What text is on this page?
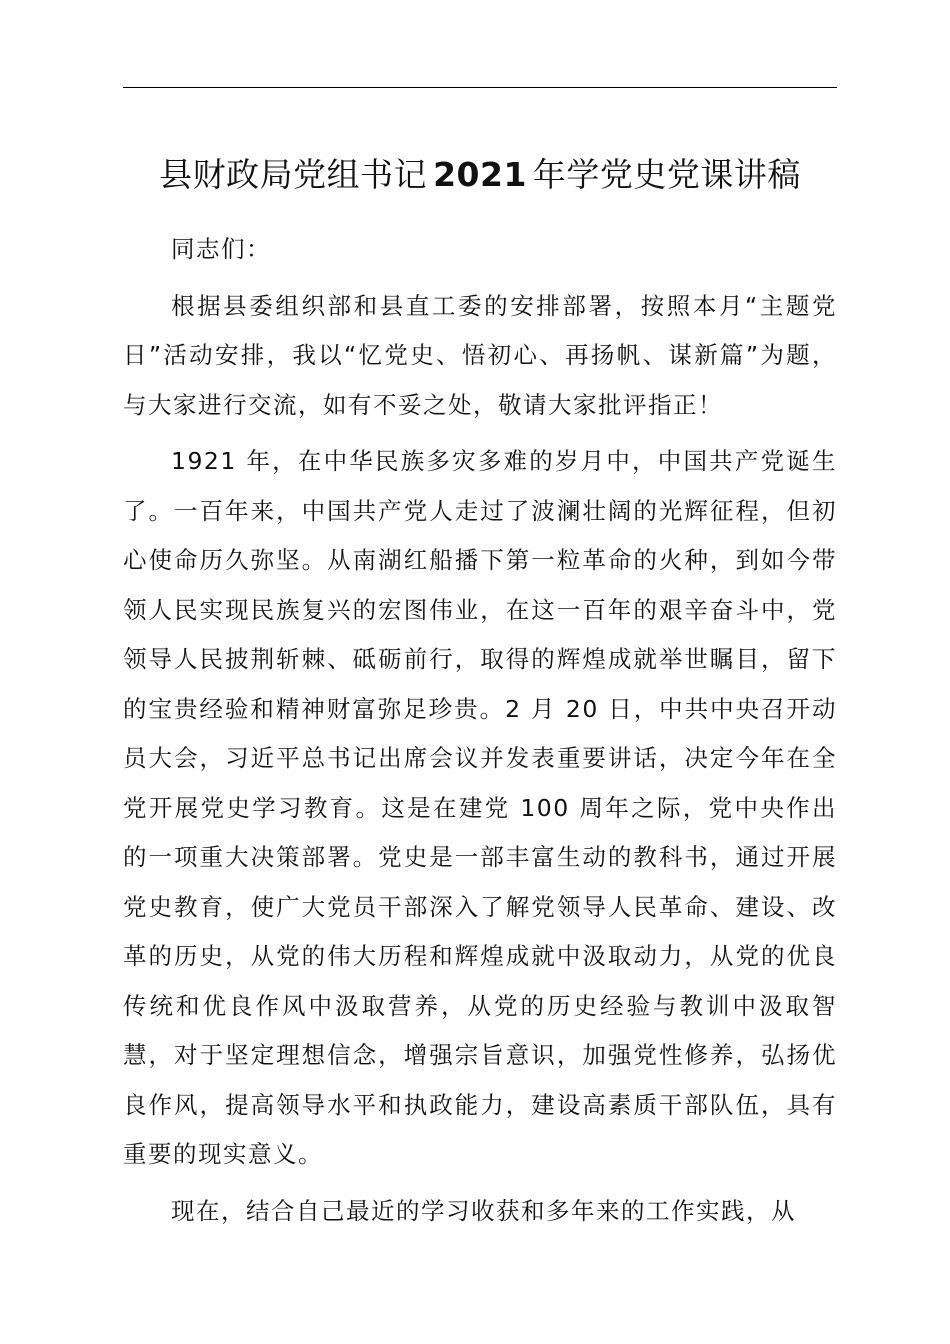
县财政局党组书记 2021 年学党史党课讲稿

同志们：

根据县委组织部和县直工委的安排部署，按照本月“主题党日”活动安排，我以“忆党史、悟初心、再扬帆、谋新篇”为题，与大家进行交流，如有不妥之处，敬请大家批评指正！

1921 年，在中华民族多灾多难的岁月中，中国共产党诞生了。一百年来，中国共产党人走过了波澜壮阔的光辉征程，但初心使命历久弥坚。从南湖红船播下第一粒革命的火种，到如今带领人民实现民族复兴的宏图伟业，在这一百年的艰辛奋斗中，党领导人民披荆斩棘、砥砺前行，取得的辉煌成就举世瞩目，留下的宝贵经验和精神财富弥足珍贵。2 月 20 日，中共中央召开动员大会，习近平总书记出席会议并发表重要讲话，决定今年在全党开展党史学习教育。这是在建党 100 周年之际，党中央作出的一项重大决策部署。党史是一部丰富生动的教科书，通过开展党史教育，使广大党员干部深入了解党领导人民革命、建设、改革的历史，从党的伟大历程和辉煌成就中汲取动力，从党的优良传统和优良作风中汲取营养，从党的历史经验与教训中汲取智慧，对于坚定理想信念，增强宗旨意识，加强党性修养，弘扬优良作风，提高领导水平和执政能力，建设高素质干部队伍，具有重要的现实意义。

现在，结合自己最近的学习收获和多年来的工作实践，从
